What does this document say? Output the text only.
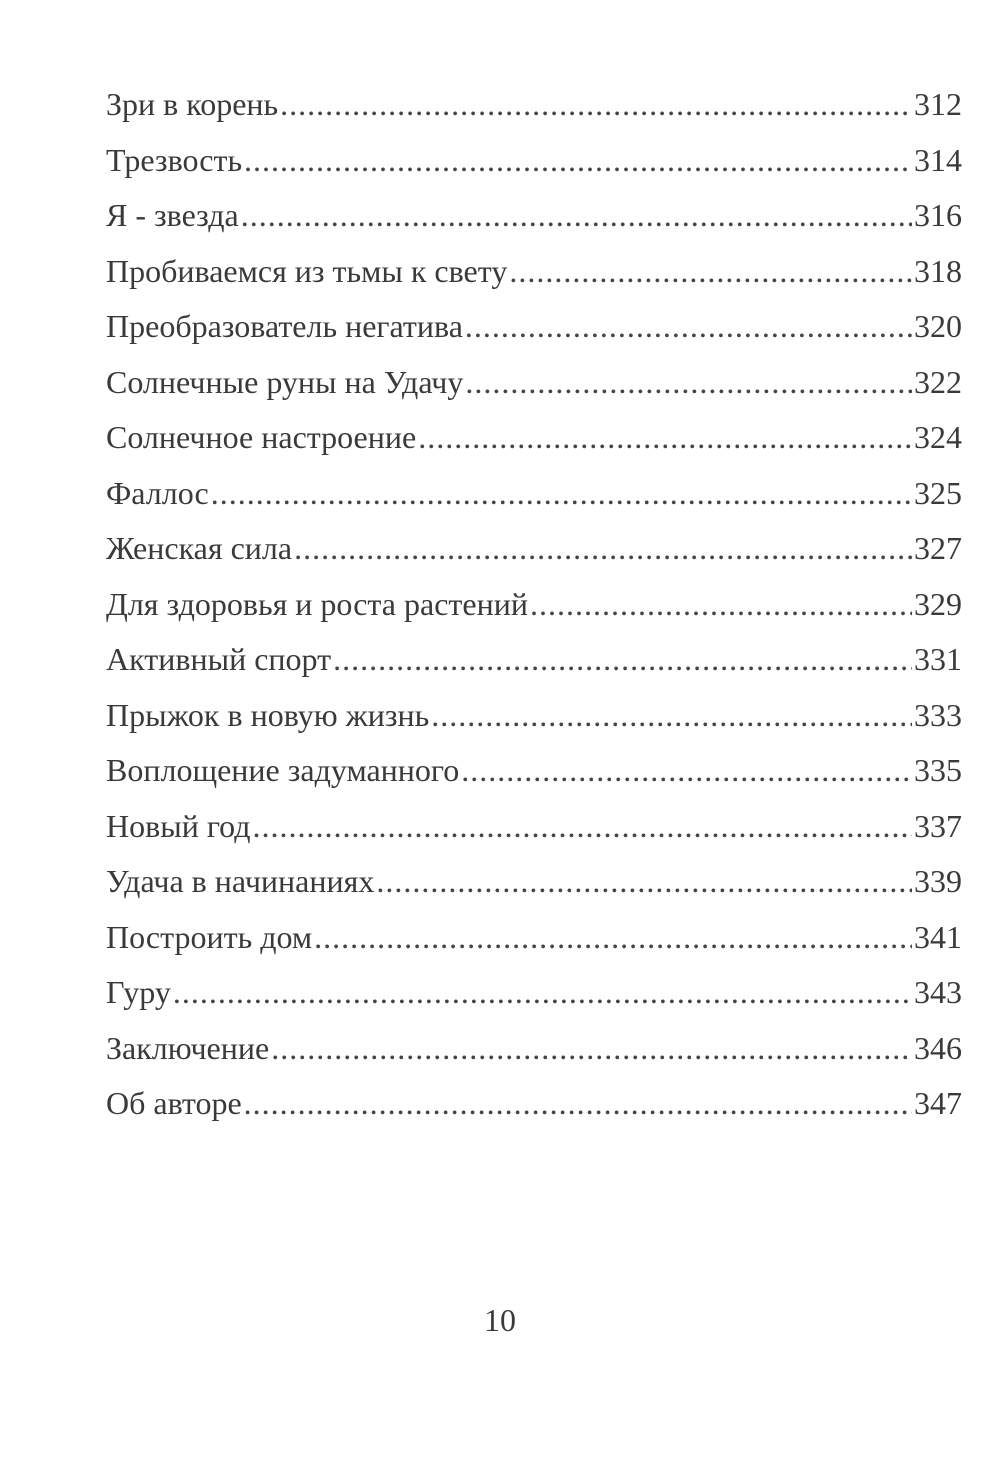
Зри в корень .....	312
Трезвость .....	314
Я - звезда .....	316
Пробиваемся из тьмы к свету .....	318
Преобразователь негатива .....	320
Солнечные руны на Удачу .....	322
Солнечное настроение .....	324
Фаллос .....	325
Женская сила .....	327
Для здоровья и роста растений .....	329
Активный спорт .....	331
Прыжок в новую жизнь .....	333
Воплощение задуманного .....	335
Новый год .....	337
Удача в начинаниях .....	339
Построить дом .....	341
Гуру .....	343
Заключение .....	346
Об авторе .....	347
10
